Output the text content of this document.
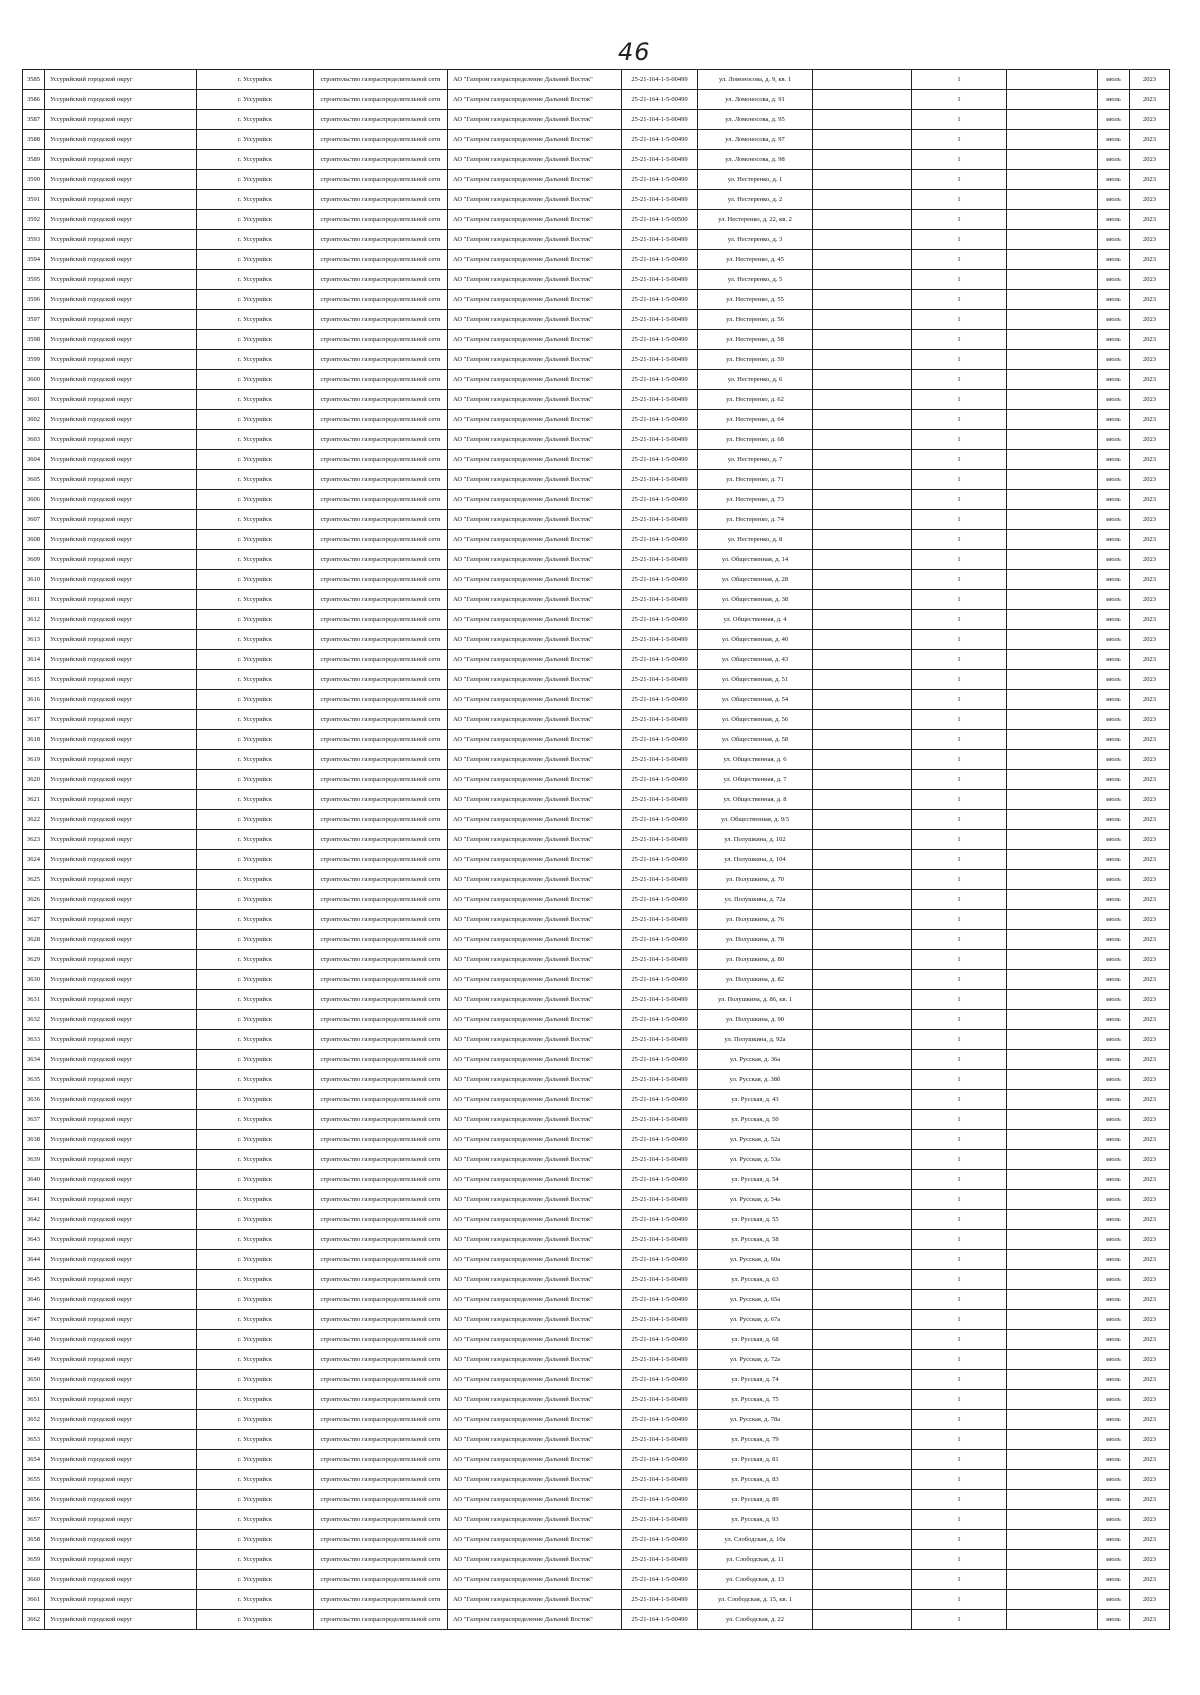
46
3585	Уссурийский городской округ	г. Уссурийск	строительство газораспределительной сети	АО "Газпром газораспределение Дальний Восток"	25-21-164-1-5-00499	ул. Ломоносова, д. 9, кв. 1		1		июль	2023
3586	Уссурийский городской округ	г. Уссурийск	строительство газораспределительной сети	АО "Газпром газораспределение Дальний Восток"	25-21-164-1-5-00499	ул. Ломоносова, д. 91		1		июль	2023
3587	Уссурийский городской округ	г. Уссурийск	строительство газораспределительной сети	АО "Газпром газораспределение Дальний Восток"	25-21-164-1-5-00499	ул. Ломоносова, д. 95		1		июль	2023
3588	Уссурийский городской округ	г. Уссурийск	строительство газораспределительной сети	АО "Газпром газораспределение Дальний Восток"	25-21-164-1-5-00499	ул. Ломоносова, д. 97		1		июль	2023
3589	Уссурийский городской округ	г. Уссурийск	строительство газораспределительной сети	АО "Газпром газораспределение Дальний Восток"	25-21-164-1-5-00499	ул. Ломоносова, д. 98		1		июль	2023
3590	Уссурийский городской округ	г. Уссурийск	строительство газораспределительной сети	АО "Газпром газораспределение Дальний Восток"	25-21-164-1-5-00499	ул. Нестеренко, д. 1		1		июль	2023
3591	Уссурийский городской округ	г. Уссурийск	строительство газораспределительной сети	АО "Газпром газораспределение Дальний Восток"	25-21-164-1-5-00499	ул. Нестеренко, д. 2		1		июль	2023
3592	Уссурийский городской округ	г. Уссурийск	строительство газораспределительной сети	АО "Газпром газораспределение Дальний Восток"	25-21-164-1-5-00500	ул. Нестеренко, д. 22, кв. 2		1		июль	2023
3593	Уссурийский городской округ	г. Уссурийск	строительство газораспределительной сети	АО "Газпром газораспределение Дальний Восток"	25-21-164-1-5-00499	ул. Нестеренко, д. 3		1		июль	2023
3594	Уссурийский городской округ	г. Уссурийск	строительство газораспределительной сети	АО "Газпром газораспределение Дальний Восток"	25-21-164-1-5-00499	ул. Нестеренко, д. 45		1		июль	2023
3595	Уссурийский городской округ	г. Уссурийск	строительство газораспределительной сети	АО "Газпром газораспределение Дальний Восток"	25-21-164-1-5-00499	ул. Нестеренко, д. 5		1		июль	2023
3596	Уссурийский городской округ	г. Уссурийск	строительство газораспределительной сети	АО "Газпром газораспределение Дальний Восток"	25-21-164-1-5-00499	ул. Нестеренко, д. 55		1		июль	2023
3597	Уссурийский городской округ	г. Уссурийск	строительство газораспределительной сети	АО "Газпром газораспределение Дальний Восток"	25-21-164-1-5-00499	ул. Нестеренко, д. 56		1		июль	2023
3598	Уссурийский городской округ	г. Уссурийск	строительство газораспределительной сети	АО "Газпром газораспределение Дальний Восток"	25-21-164-1-5-00499	ул. Нестеренко, д. 58		1		июль	2023
3599	Уссурийский городской округ	г. Уссурийск	строительство газораспределительной сети	АО "Газпром газораспределение Дальний Восток"	25-21-164-1-5-00499	ул. Нестеренко, д. 59		1		июль	2023
3600	Уссурийский городской округ	г. Уссурийск	строительство газораспределительной сети	АО "Газпром газораспределение Дальний Восток"	25-21-164-1-5-00499	ул. Нестеренко, д. 6		1		июль	2023
3601	Уссурийский городской округ	г. Уссурийск	строительство газораспределительной сети	АО "Газпром газораспределение Дальний Восток"	25-21-164-1-5-00499	ул. Нестеренко, д. 62		1		июль	2023
3602	Уссурийский городской округ	г. Уссурийск	строительство газораспределительной сети	АО "Газпром газораспределение Дальний Восток"	25-21-164-1-5-00499	ул. Нестеренко, д. 64		1		июль	2023
3603	Уссурийский городской округ	г. Уссурийск	строительство газораспределительной сети	АО "Газпром газораспределение Дальний Восток"	25-21-164-1-5-00499	ул. Нестеренко, д. 68		1		июль	2023
3604	Уссурийский городской округ	г. Уссурийск	строительство газораспределительной сети	АО "Газпром газораспределение Дальний Восток"	25-21-164-1-5-00499	ул. Нестеренко, д. 7		1		июль	2023
3605	Уссурийский городской округ	г. Уссурийск	строительство газораспределительной сети	АО "Газпром газораспределение Дальний Восток"	25-21-164-1-5-00499	ул. Нестеренко, д. 71		1		июль	2023
3606	Уссурийский городской округ	г. Уссурийск	строительство газораспределительной сети	АО "Газпром газораспределение Дальний Восток"	25-21-164-1-5-00499	ул. Нестеренко, д. 73		1		июль	2023
3607	Уссурийский городской округ	г. Уссурийск	строительство газораспределительной сети	АО "Газпром газораспределение Дальний Восток"	25-21-164-1-5-00499	ул. Нестеренко, д. 74		1		июль	2023
3608	Уссурийский городской округ	г. Уссурийск	строительство газораспределительной сети	АО "Газпром газораспределение Дальний Восток"	25-21-164-1-5-00499	ул. Нестеренко, д. 8		1		июль	2023
3609	Уссурийский городской округ	г. Уссурийск	строительство газораспределительной сети	АО "Газпром газораспределение Дальний Восток"	25-21-164-1-5-00499	ул. Общественная, д. 14		1		июль	2023
3610	Уссурийский городской округ	г. Уссурийск	строительство газораспределительной сети	АО "Газпром газораспределение Дальний Восток"	25-21-164-1-5-00499	ул. Общественная, д. 28		1		июль	2023
3611	Уссурийский городской округ	г. Уссурийск	строительство газораспределительной сети	АО "Газпром газораспределение Дальний Восток"	25-21-164-1-5-00499	ул. Общественная, д. 38		1		июль	2023
3612	Уссурийский городской округ	г. Уссурийск	строительство газораспределительной сети	АО "Газпром газораспределение Дальний Восток"	25-21-164-1-5-00499	ул. Общественная, д. 4		1		июль	2023
3613	Уссурийский городской округ	г. Уссурийск	строительство газораспределительной сети	АО "Газпром газораспределение Дальний Восток"	25-21-164-1-5-00499	ул. Общественная, д. 40		1		июль	2023
3614	Уссурийский городской округ	г. Уссурийск	строительство газораспределительной сети	АО "Газпром газораспределение Дальний Восток"	25-21-164-1-5-00499	ул. Общественная, д. 43		1		июль	2023
3615	Уссурийский городской округ	г. Уссурийск	строительство газораспределительной сети	АО "Газпром газораспределение Дальний Восток"	25-21-164-1-5-00499	ул. Общественная, д. 51		1		июль	2023
3616	Уссурийский городской округ	г. Уссурийск	строительство газораспределительной сети	АО "Газпром газораспределение Дальний Восток"	25-21-164-1-5-00499	ул. Общественная, д. 54		1		июль	2023
3617	Уссурийский городской округ	г. Уссурийск	строительство газораспределительной сети	АО "Газпром газораспределение Дальний Восток"	25-21-164-1-5-00499	ул. Общественная, д. 56		1		июль	2023
3618	Уссурийский городской округ	г. Уссурийск	строительство газораспределительной сети	АО "Газпром газораспределение Дальний Восток"	25-21-164-1-5-00499	ул. Общественная, д. 58		1		июль	2023
3619	Уссурийский городской округ	г. Уссурийск	строительство газораспределительной сети	АО "Газпром газораспределение Дальний Восток"	25-21-164-1-5-00499	ул. Общественная, д. 6		1		июль	2023
3620	Уссурийский городской округ	г. Уссурийск	строительство газораспределительной сети	АО "Газпром газораспределение Дальний Восток"	25-21-164-1-5-00499	ул. Общественная, д. 7		1		июль	2023
3621	Уссурийский городской округ	г. Уссурийск	строительство газораспределительной сети	АО "Газпром газораспределение Дальний Восток"	25-21-164-1-5-00499	ул. Общественная, д. 8		1		июль	2023
3622	Уссурийский городской округ	г. Уссурийск	строительство газораспределительной сети	АО "Газпром газораспределение Дальний Восток"	25-21-164-1-5-00499	ул. Общественная, д. 9/3		1		июль	2023
3623	Уссурийский городской округ	г. Уссурийск	строительство газораспределительной сети	АО "Газпром газораспределение Дальний Восток"	25-21-164-1-5-00499	ул. Полушкина, д. 102		1		июль	2023
3624	Уссурийский городской округ	г. Уссурийск	строительство газораспределительной сети	АО "Газпром газораспределение Дальний Восток"	25-21-164-1-5-00499	ул. Полушкина, д. 104		1		июль	2023
3625	Уссурийский городской округ	г. Уссурийск	строительство газораспределительной сети	АО "Газпром газораспределение Дальний Восток"	25-21-164-1-5-00499	ул. Полушкина, д. 70		1		июль	2023
3626	Уссурийский городской округ	г. Уссурийск	строительство газораспределительной сети	АО "Газпром газораспределение Дальний Восток"	25-21-164-1-5-00499	ул. Полушкина, д. 72а		1		июль	2023
3627	Уссурийский городской округ	г. Уссурийск	строительство газораспределительной сети	АО "Газпром газораспределение Дальний Восток"	25-21-164-1-5-00499	ул. Полушкина, д. 76		1		июль	2023
3628	Уссурийский городской округ	г. Уссурийск	строительство газораспределительной сети	АО "Газпром газораспределение Дальний Восток"	25-21-164-1-5-00499	ул. Полушкина, д. 78		1		июль	2023
3629	Уссурийский городской округ	г. Уссурийск	строительство газораспределительной сети	АО "Газпром газораспределение Дальний Восток"	25-21-164-1-5-00499	ул. Полушкина, д. 80		1		июль	2023
3630	Уссурийский городской округ	г. Уссурийск	строительство газораспределительной сети	АО "Газпром газораспределение Дальний Восток"	25-21-164-1-5-00499	ул. Полушкина, д. 82		1		июль	2023
3631	Уссурийский городской округ	г. Уссурийск	строительство газораспределительной сети	АО "Газпром газораспределение Дальний Восток"	25-21-164-1-5-00499	ул. Полушкина, д. 86, кв. 1		1		июль	2023
3632	Уссурийский городской округ	г. Уссурийск	строительство газораспределительной сети	АО "Газпром газораспределение Дальний Восток"	25-21-164-1-5-00499	ул. Полушкина, д. 90		1		июль	2023
3633	Уссурийский городской округ	г. Уссурийск	строительство газораспределительной сети	АО "Газпром газораспределение Дальний Восток"	25-21-164-1-5-00499	ул. Полушкина, д. 92а		1		июль	2023
3634	Уссурийский городской округ	г. Уссурийск	строительство газораспределительной сети	АО "Газпром газораспределение Дальний Восток"	25-21-164-1-5-00499	ул. Русская, д. 36а		1		июль	2023
3635	Уссурийский городской округ	г. Уссурийск	строительство газораспределительной сети	АО "Газпром газораспределение Дальний Восток"	25-21-164-1-5-00499	ул. Русская, д. 38б		1		июль	2023
3636	Уссурийский городской округ	г. Уссурийск	строительство газораспределительной сети	АО "Газпром газораспределение Дальний Восток"	25-21-164-1-5-00499	ул. Русская, д. 43		1		июль	2023
3637	Уссурийский городской округ	г. Уссурийск	строительство газораспределительной сети	АО "Газпром газораспределение Дальний Восток"	25-21-164-1-5-00499	ул. Русская, д. 50		1		июль	2023
3638	Уссурийский городской округ	г. Уссурийск	строительство газораспределительной сети	АО "Газпром газораспределение Дальний Восток"	25-21-164-1-5-00499	ул. Русская, д. 52а		1		июль	2023
3639	Уссурийский городской округ	г. Уссурийск	строительство газораспределительной сети	АО "Газпром газораспределение Дальний Восток"	25-21-164-1-5-00499	ул. Русская, д. 53а		1		июль	2023
3640	Уссурийский городской округ	г. Уссурийск	строительство газораспределительной сети	АО "Газпром газораспределение Дальний Восток"	25-21-164-1-5-00499	ул. Русская, д. 54		1		июль	2023
3641	Уссурийский городской округ	г. Уссурийск	строительство газораспределительной сети	АО "Газпром газораспределение Дальний Восток"	25-21-164-1-5-00499	ул. Русская, д. 54а		1		июль	2023
3642	Уссурийский городской округ	г. Уссурийск	строительство газораспределительной сети	АО "Газпром газораспределение Дальний Восток"	25-21-164-1-5-00499	ул. Русская, д. 55		1		июль	2023
3643	Уссурийский городской округ	г. Уссурийск	строительство газораспределительной сети	АО "Газпром газораспределение Дальний Восток"	25-21-164-1-5-00499	ул. Русская, д. 58		1		июль	2023
3644	Уссурийский городской округ	г. Уссурийск	строительство газораспределительной сети	АО "Газпром газораспределение Дальний Восток"	25-21-164-1-5-00499	ул. Русская, д. 60а		1		июль	2023
3645	Уссурийский городской округ	г. Уссурийск	строительство газораспределительной сети	АО "Газпром газораспределение Дальний Восток"	25-21-164-1-5-00499	ул. Русская, д. 63		1		июль	2023
3646	Уссурийский городской округ	г. Уссурийск	строительство газораспределительной сети	АО "Газпром газораспределение Дальний Восток"	25-21-164-1-5-00499	ул. Русская, д. 65а		1		июль	2023
3647	Уссурийский городской округ	г. Уссурийск	строительство газораспределительной сети	АО "Газпром газораспределение Дальний Восток"	25-21-164-1-5-00499	ул. Русская, д. 67а		1		июль	2023
3648	Уссурийский городской округ	г. Уссурийск	строительство газораспределительной сети	АО "Газпром газораспределение Дальний Восток"	25-21-164-1-5-00499	ул. Русская, д. 68		1		июль	2023
3649	Уссурийский городской округ	г. Уссурийск	строительство газораспределительной сети	АО "Газпром газораспределение Дальний Восток"	25-21-164-1-5-00499	ул. Русская, д. 72а		1		июль	2023
3650	Уссурийский городской округ	г. Уссурийск	строительство газораспределительной сети	АО "Газпром газораспределение Дальний Восток"	25-21-164-1-5-00499	ул. Русская, д. 74		1		июль	2023
3651	Уссурийский городской округ	г. Уссурийск	строительство газораспределительной сети	АО "Газпром газораспределение Дальний Восток"	25-21-164-1-5-00499	ул. Русская, д. 75		1		июль	2023
3652	Уссурийский городской округ	г. Уссурийск	строительство газораспределительной сети	АО "Газпром газораспределение Дальний Восток"	25-21-164-1-5-00499	ул. Русская, д. 78а		1		июль	2023
3653	Уссурийский городской округ	г. Уссурийск	строительство газораспределительной сети	АО "Газпром газораспределение Дальний Восток"	25-21-164-1-5-00499	ул. Русская, д. 79		1		июль	2023
3654	Уссурийский городской округ	г. Уссурийск	строительство газораспределительной сети	АО "Газпром газораспределение Дальний Восток"	25-21-164-1-5-00499	ул. Русская, д. 81		1		июль	2023
3655	Уссурийский городской округ	г. Уссурийск	строительство газораспределительной сети	АО "Газпром газораспределение Дальний Восток"	25-21-164-1-5-00499	ул. Русская, д. 83		1		июль	2023
3656	Уссурийский городской округ	г. Уссурийск	строительство газораспределительной сети	АО "Газпром газораспределение Дальний Восток"	25-21-164-1-5-00499	ул. Русская, д. 89		1		июль	2023
3657	Уссурийский городской округ	г. Уссурийск	строительство газораспределительной сети	АО "Газпром газораспределение Дальний Восток"	25-21-164-1-5-00499	ул. Русская, д. 93		1		июль	2023
3658	Уссурийский городской округ	г. Уссурийск	строительство газораспределительной сети	АО "Газпром газораспределение Дальний Восток"	25-21-164-1-5-00499	ул. Слободская, д. 10а		1		июль	2023
3659	Уссурийский городской округ	г. Уссурийск	строительство газораспределительной сети	АО "Газпром газораспределение Дальний Восток"	25-21-164-1-5-00499	ул. Слободская, д. 11		1		июль	2023
3660	Уссурийский городской округ	г. Уссурийск	строительство газораспределительной сети	АО "Газпром газораспределение Дальний Восток"	25-21-164-1-5-00499	ул. Слободская, д. 13		1		июль	2023
3661	Уссурийский городской округ	г. Уссурийск	строительство газораспределительной сети	АО "Газпром газораспределение Дальний Восток"	25-21-164-1-5-00499	ул. Слободская, д. 15, кв. 1		1		июль	2023
3662	Уссурийский городской округ	г. Уссурийск	строительство газораспределительной сети	АО "Газпром газораспределение Дальний Восток"	25-21-164-1-5-00499	ул. Слободская, д. 22		1		июль	2023
